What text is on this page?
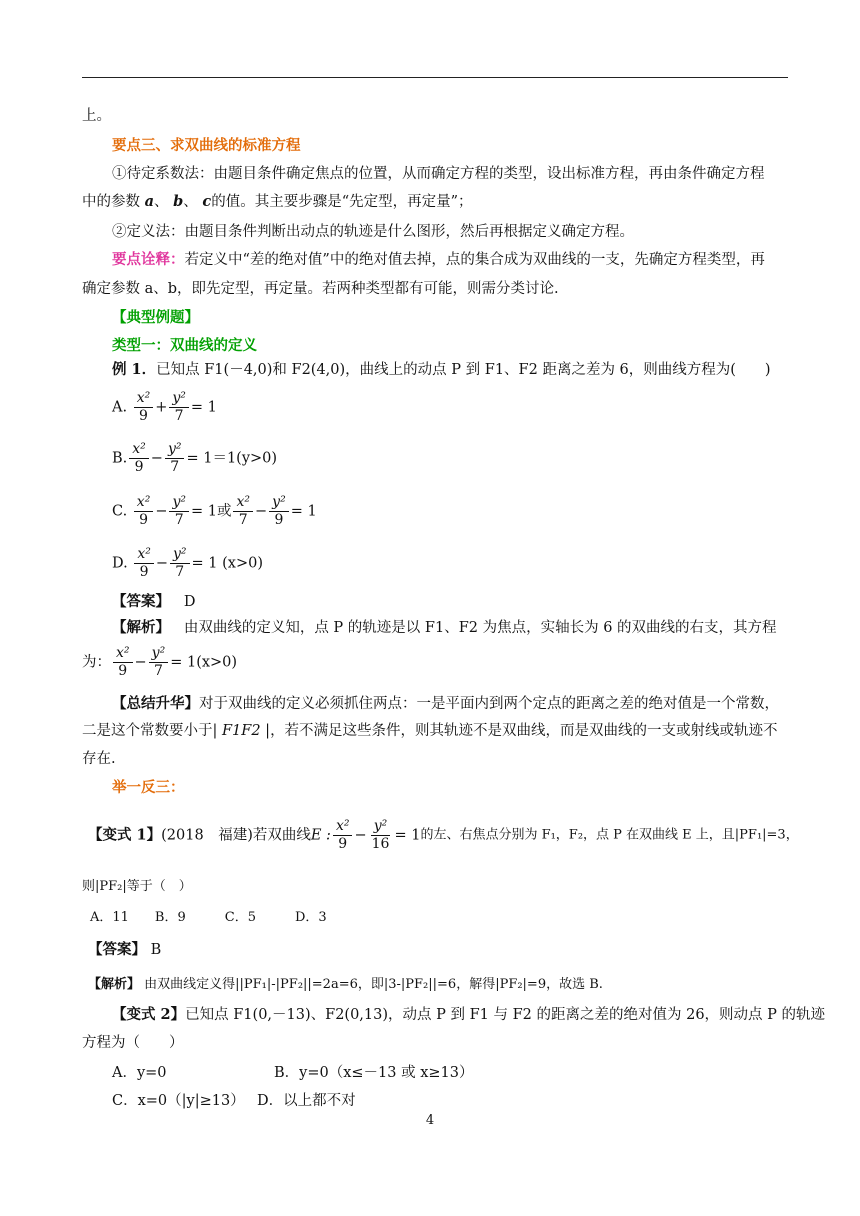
上。
要点三、求双曲线的标准方程
①待定系数法：由题目条件确定焦点的位置，从而确定方程的类型，设出标准方程，再由条件确定方程
中的参数 a、 b、 c的值。其主要步骤是“先定型，再定量”；
②定义法：由题目条件判断出动点的轨迹是什么图形，然后再根据定义确定方程。
要点诠释：若定义中“差的绝对值”中的绝对值去掉，点的集合成为双曲线的一支，先确定方程类型，再
确定参数 a、b，即先定型，再定量。若两种类型都有可能，则需分类讨论.
【典型例题】
类型一：双曲线的定义
例 1．已知点 F1(－4,0)和 F2(4,0)，曲线上的动点 P 到 F1、F2 距离之差为 6，则曲线方程为(　　)
A. $\frac{\text{x²}}{9} + \frac{\text{y²}}{7} = 1$
B. $\frac{\text{x²}}{9} - \frac{\text{y²}}{7} = 1=1(y>0)$
C. $\frac{\text{x²}}{9} - \frac{\text{y²}}{7} = 1$或 $\frac{\text{x²}}{7} - \frac{\text{y²}}{9} = 1$
D. $\frac{\text{x²}}{9} - \frac{\text{y²}}{7} = 1$ (x>0)
【答案】 D
【解析】 由双曲线的定义知，点 P 的轨迹是以 F1、F2 为焦点，实轴长为 6 的双曲线的右支，其方程
为： $\frac{\text{x²}}{9} - \frac{\text{y²}}{7} = 1(x>0)$
【总结升华】对于双曲线的定义必须抓住两点：一是平面内到两个定点的距离之差的绝对值是一个常数，
二是这个常数要小于| F1F2 |，若不满足这些条件，则其轨迹不是双曲线，而是双曲线的一支或射线或轨迹不
存在.
举一反三：
【变式 1】(2018　福建)若双曲线E : $\frac{\text{x²}}{9} - \frac{\text{y²}}{16} = 1$的左、右焦点分别为 F₁，F₂，点 P 在双曲线 E 上，且|PF₁|=3，
则|PF₂|等于（　）
A．11　　B．9　　　C．5　　　D．3
【答案】 B
【解析】 由双曲线定义得||PF₁|-|PF₂||=2a=6，即|3-|PF₂||=6，解得|PF₂|=9，故选 B.
【变式 2】已知点 F1(0,－13)、F2(0,13)，动点 P 到 F1 与 F2 的距离之差的绝对值为 26，则动点 P 的轨迹
方程为（　　）
A．y=0	B．y=0（x≤－13 或 x≥13）
C．x=0（|y|≥13） D．以上都不对
4
